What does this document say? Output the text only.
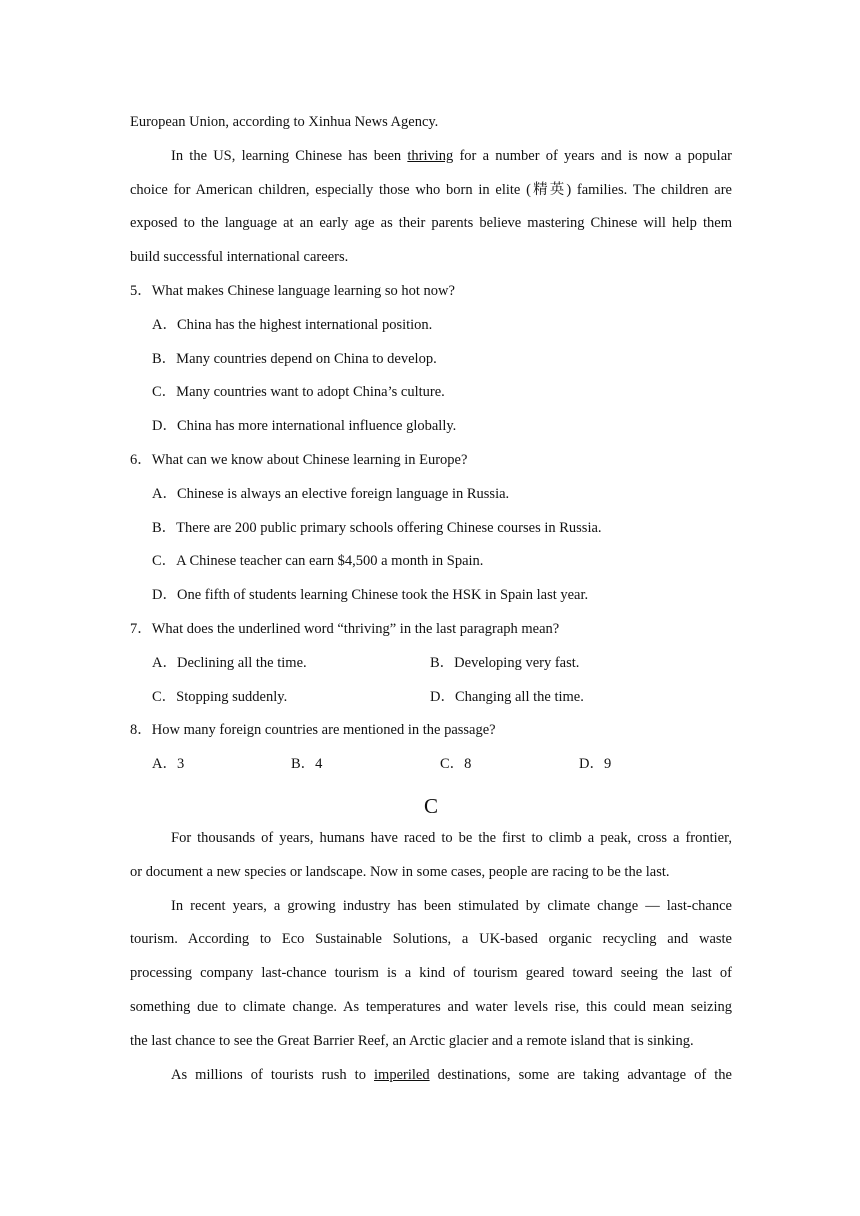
European Union, according to Xinhua News Agency.
In the US, learning Chinese has been thriving for a number of years and is now a popular
choice for American children, especially those who born in elite (精英) families. The children are
exposed to the language at an early age as their parents believe mastering Chinese will help them
build successful international careers.
5．What makes Chinese language learning so hot now?
A．China has the highest international position.
B．Many countries depend on China to develop.
C．Many countries want to adopt China’s culture.
D．China has more international influence globally.
6．What can we know about Chinese learning in Europe?
A．Chinese is always an elective foreign language in Russia.
B．There are 200 public primary schools offering Chinese courses in Russia.
C．A Chinese teacher can earn $4,500 a month in Spain.
D．One fifth of students learning Chinese took the HSK in Spain last year.
7．What does the underlined word “thriving” in the last paragraph mean?
A．Declining all the time.	B．Developing very fast.
C．Stopping suddenly.	D．Changing all the time.
8．How many foreign countries are mentioned in the passage?
A．3	B．4	C．8	D．9
C
For thousands of years, humans have raced to be the first to climb a peak, cross a frontier,
or document a new species or landscape. Now in some cases, people are racing to be the last.
In recent years, a growing industry has been stimulated by climate change — last-chance
tourism. According to Eco Sustainable Solutions, a UK-based organic recycling and waste
processing company last-chance tourism is a kind of tourism geared toward seeing the last of
something due to climate change. As temperatures and water levels rise, this could mean seizing
the last chance to see the Great Barrier Reef, an Arctic glacier and a remote island that is sinking.
As millions of tourists rush to imperiled destinations, some are taking advantage of the
